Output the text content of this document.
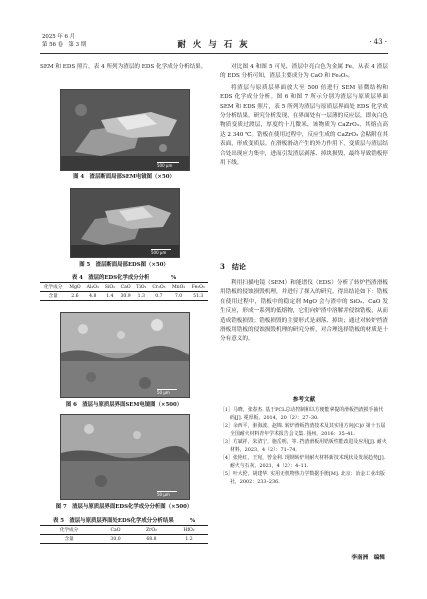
2025 年 6 月
第 56 卷　第 3 期	耐 火 与 石 灰	· 43 ·

SEM 和 EDS 照片，表 4 所列为渣层的 EDS 化学成分分析结果。

500 μm
图 4　渣层断面局部SEM电镜图（×50）
500 μm
图 5　渣层断面局部EDS图（×50）
表 4　渣层的EDS化学成分分析　　　　%
化学成分	MgO	Al₂O₃	SiO₂	CaO	TiO₂	Cr₂O₃	MnO₂	Fe₂O₃
含量	2.6	4.8	1.4	30.9	1.3	0.7	7.0	51.3
50 μm
图 6　渣层与原质层界面SEM电镜图（×500）
50 μm
图 7　渣层与原质层界面EDS化学成分分析图（×500）
表 5　渣层与原质层界面处EDS化学成分分析结果　　　%
化学成分	CaO	ZrO₂	HfO₂
含量	30.0	68.8	1.2

对比图 4 和图 5 可见，渣层中亮白色为金属 Fe，从表 4 渣层的 EDS 分析可知，渣层主要成分为 CaO 和 Fe₂O₃。

将渣层与原质层界面放大至 500 倍进行 SEM 显微结构和 EDS 化学成分分析。图 6 和图 7 所示分别为渣层与原质层界面 SEM 和 EDS 照片，表 5 所列为渣层与原质层界面处 EDS 化学成分分析结果。研究分析发现，在界面处有一层薄的反应层，即灰白色物质变质过渡层，厚度约十几微米，该物质为 CaZrO₃，其熔点高达 2 340 ℃。锆板在使用过程中，反应生成的 CaZrO₃ 会粘附在其表面，形成变质层。在滑板滑动产生的外力作用下，变质层与渣层结合处出现应力集中，进而引发渣层剥落、掉块损毁，最终导致锆板停用下线。

3　结论

利用扫描电镜（SEM）和能谱仪（EDS）分析了转炉挡渣滑板用锆板的侵蚀损毁机理，并进行了探入的研究。得出结论如下：锆板在使用过程中，锆板中的稳定剂 MgO 会与渣中的 SiO₂、CaO 发生反应，形成一系列的低熔物，它们向炉渣中溶解并侵蚀锆板，从而造成锆板损毁；锆板损毁的主要形式是剥落、掉块；通过对转炉挡渣滑板用锆板的侵蚀损毁机理的研究分析，对合理选择锆板的材质是十分有意义的。

参考文献
［1］马晓，张春杰. 基于PCL总动控制和以方便能拿提的滑板挡渣损手抽代码[J]. 冕厚板，2014，20（2）：27–30.
［2］余西平，驱海波，赵锦. 转炉滑板挡渣技术及其实用方向[C]// 第十五届全国耐火材料青年学术报告会文集. 扬州，2016：35–41.
［3］方斌祥，朱清宁，施岳明，等. 挡渣滑板用锆板性能改进及应用[J]. 耐火材料，2023，4（2）：71–74.
［4］张艳红，王宛，曾金利. 现钢转炉用耐火材料新技术现状及发展趋势[J]. 耐火与石灰，2021，4（2）：4–11.
［5］叶大伦，胡建华. 实用无机物热力学数据手册[M]. 北京：冶金工业出版社，2002：233–236.
李南洲　编辑
